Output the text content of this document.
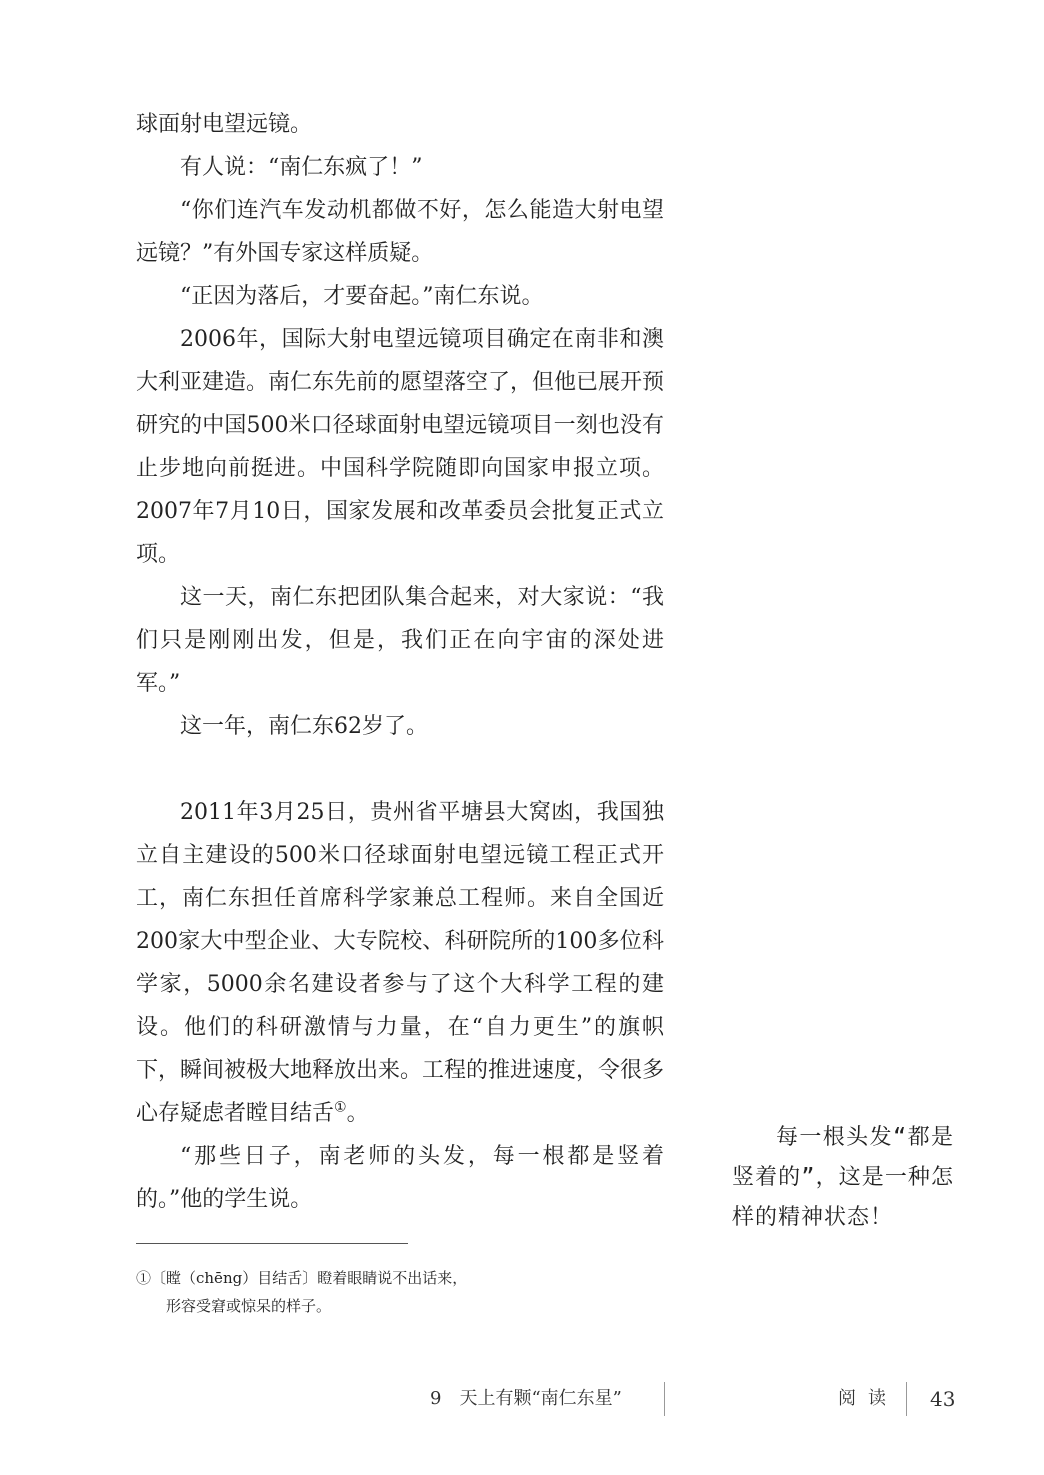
球面射电望远镜。

有人说：“南仁东疯了！”

“你们连汽车发动机都做不好，怎么能造大射电望远镜？”有外国专家这样质疑。

“正因为落后，才要奋起。”南仁东说。

2006年，国际大射电望远镜项目确定在南非和澳大利亚建造。南仁东先前的愿望落空了，但他已展开预研究的中国500米口径球面射电望远镜项目一刻也没有止步地向前挺进。中国科学院随即向国家申报立项。2007年7月10日，国家发展和改革委员会批复正式立项。

这一天，南仁东把团队集合起来，对大家说：“我们只是刚刚出发，但是，我们正在向宇宙的深处进军。”

这一年，南仁东62岁了。

2011年3月25日，贵州省平塘县大窝凼，我国独立自主建设的500米口径球面射电望远镜工程正式开工，南仁东担任首席科学家兼总工程师。来自全国近200家大中型企业、大专院校、科研院所的100多位科学家，5000余名建设者参与了这个大科学工程的建设。他们的科研激情与力量，在“自力更生”的旗帜下，瞬间被极大地释放出来。工程的推进速度，令很多心存疑虑者瞠目结舌①。

“那些日子，南老师的头发，每一根都是竖着的。”他的学生说。

①〔瞠（chēng）目结舌〕瞪着眼睛说不出话来，
形容受窘或惊呆的样子。

每一根头发“都是竖着的”，这是一种怎样的精神状态！

9　天上有颗“南仁东星”	阅读 43
